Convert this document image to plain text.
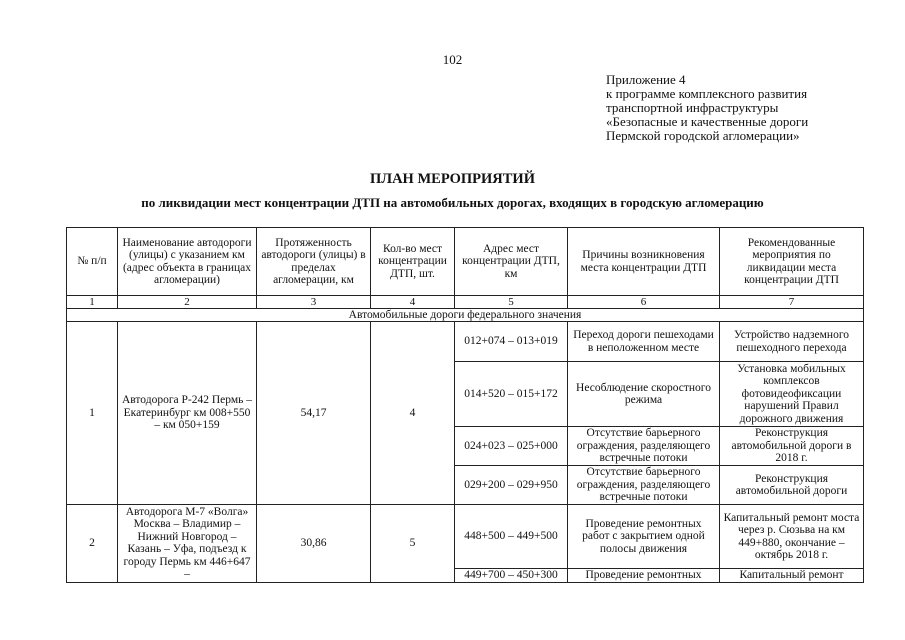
102
Приложение 4
к программе комплексного развития
транспортной инфраструктуры
«Безопасные и качественные дороги
Пермской городской агломерации»
ПЛАН МЕРОПРИЯТИЙ
по ликвидации мест концентрации ДТП на автомобильных дорогах, входящих в городскую агломерацию
№ п/п	Наименование автодороги (улицы) с указанием км (адрес объекта в границах агломерации)	Протяженность автодороги (улицы) в пределах агломерации, км	Кол-во мест концентрации ДТП, шт.	Адрес мест концентрации ДТП, км	Причины возникновения места концентрации ДТП	Рекомендованные мероприятия по ликвидации места концентрации ДТП
1	2	3	4	5	6	7
Автомобильные дороги федерального значения						
1	Автодорога Р-242 Пермь – Екатеринбург км 008+550 – км 050+159	54,17	4	012+074 – 013+019	Переход дороги пешеходами в неположенном месте	Устройство надземного пешеходного перехода
				014+520 – 015+172	Несоблюдение скоростного режима	Установка мобильных комплексов фотовидеофиксации нарушений Правил дорожного движения
				024+023 – 025+000	Отсутствие барьерного ограждения, разделяющего встречные потоки	Реконструкция автомобильной дороги в 2018 г.
				029+200 – 029+950	Отсутствие барьерного ограждения, разделяющего встречные потоки	Реконструкция автомобильной дороги
2	Автодорога М-7 «Волга» Москва – Владимир – Нижний Новгород – Казань – Уфа, подъезд к городу Пермь км 446+647 –	30,86	5	448+500 – 449+500	Проведение ремонтных работ с закрытием одной полосы движения	Капитальный ремонт моста через р. Сюзьва на км 449+880, окончание – октябрь 2018 г.
				449+700 – 450+300	Проведение ремонтных	Капитальный ремонт
